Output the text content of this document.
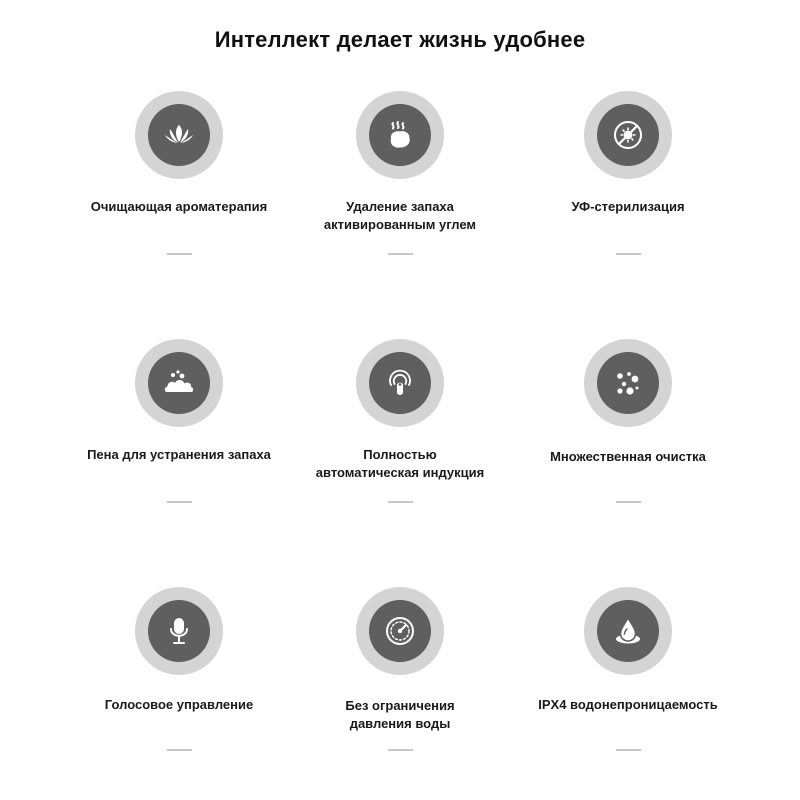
Интеллект делает жизнь удобнее
Очищающая ароматерапия	Удаление запаха
активированным углем
УФ-стерилизация
Пена для устранения запаха	Полностью
автоматическая индукция
Множественная очистка
Голосовое управление	Без ограничения
давления воды
IPX4 водонепроницаемость
